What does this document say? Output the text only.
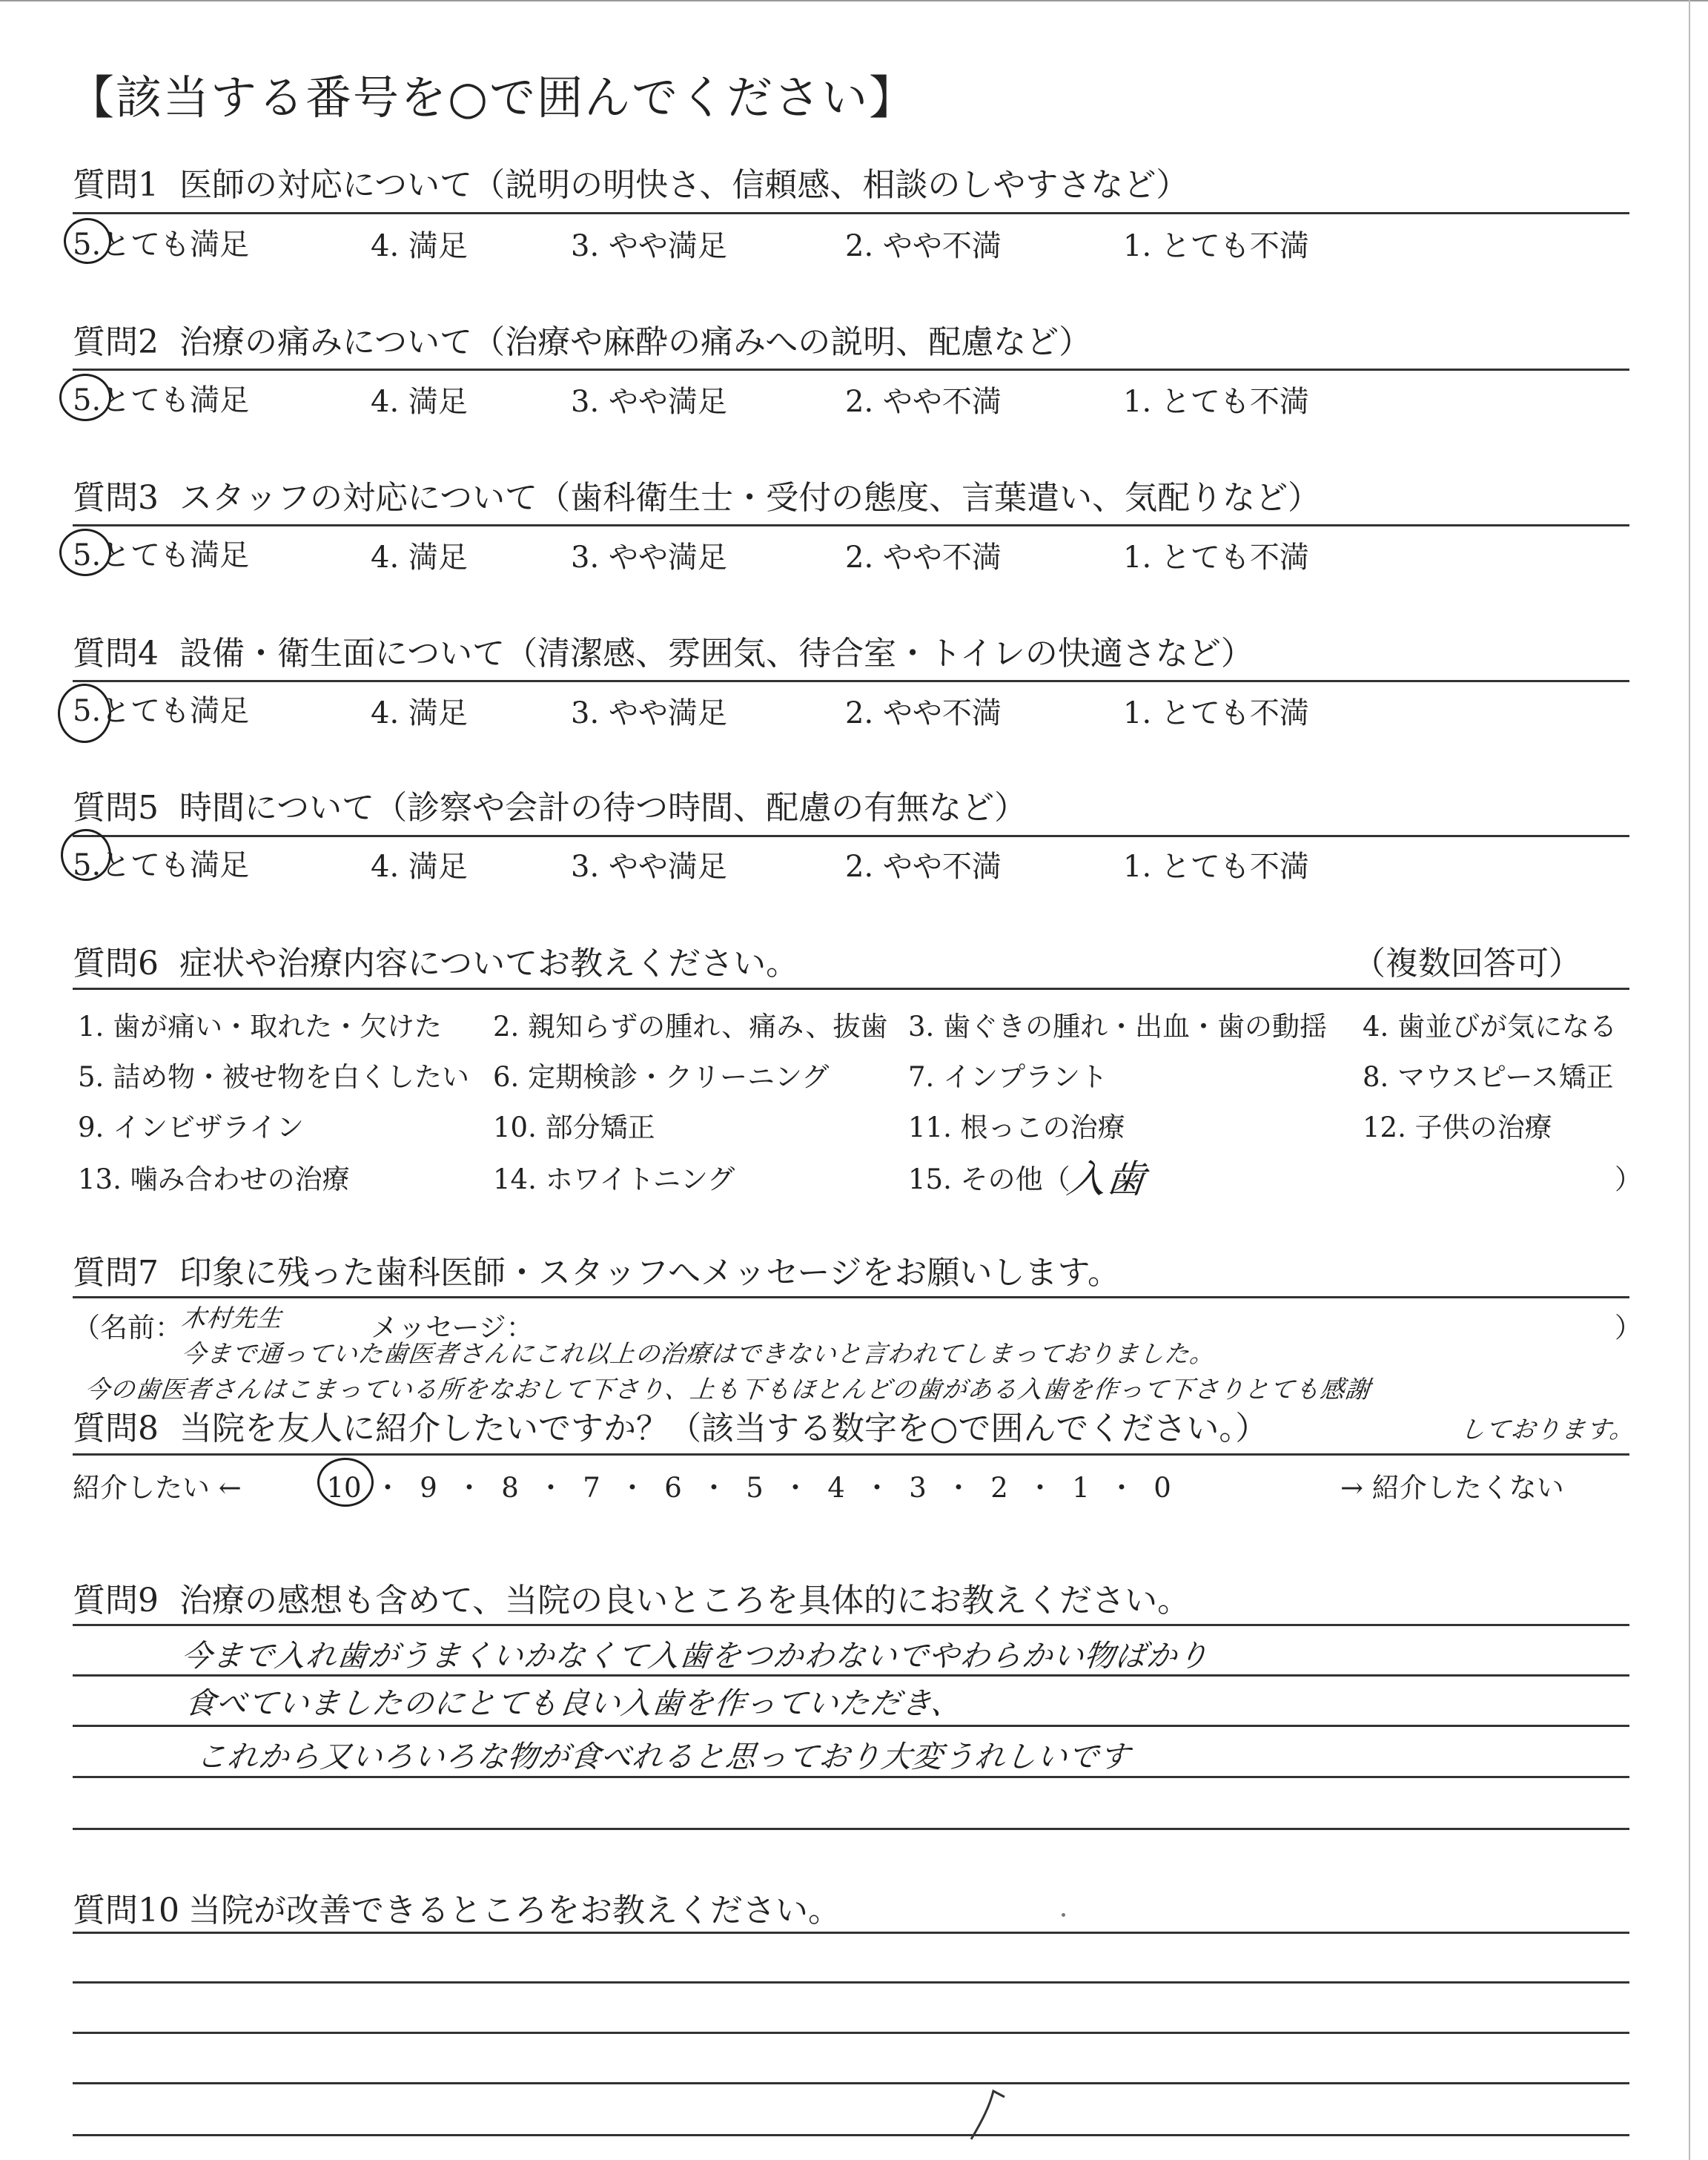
【該当する番号を○で囲んでください】
質問1 医師の対応について（説明の明快さ、信頼感、相談のしやすさなど）
5.とても満足	4. 満足	3. やや満足	2. やや不満	1. とても不満
質問2 治療の痛みについて（治療や麻酔の痛みへの説明、配慮など）
5.とても満足	4. 満足	3. やや満足	2. やや不満	1. とても不満
質問3 スタッフの対応について（歯科衛生士・受付の態度、言葉遣い、気配りなど）
5.とても満足	4. 満足	3. やや満足	2. やや不満	1. とても不満
質問4 設備・衛生面について（清潔感、雰囲気、待合室・トイレの快適さなど）
5.とても満足	4. 満足	3. やや満足	2. やや不満	1. とても不満
質問5 時間について（診察や会計の待つ時間、配慮の有無など）
5.とても満足	4. 満足	3. やや満足	2. やや不満	1. とても不満
質問6 症状や治療内容についてお教えください。	（複数回答可）
1. 歯が痛い・取れた・欠けた 2. 親知らずの腫れ、痛み、抜歯 3. 歯ぐきの腫れ・出血・歯の動揺 4. 歯並びが気になる
5. 詰め物・被せ物を白くしたい 6. 定期検診・クリーニング	7. インプラント	8. マウスピース矯正
9. インビザライン	10. 部分矯正	11. 根っこの治療	12. 子供の治療
13. 噛み合わせの治療	14. ホワイトニング	15. その他（
入歯	）
質問7 印象に残った歯科医師・スタッフへメッセージをお願いします。
（名前：
木村先生	メッセージ：	）
今まで通っていた歯医者さんにこれ以上の治療はできないと言われてしまっておりました。
今の歯医者さんはこまっている所をなおして下さり、上も下もほとんどの歯がある入歯を作って下さりとても感謝
質問8 当院を友人に紹介したいですか？（該当する数字を○で囲んでください。）	しております。
紹介したい ←	→ 紹介したくない
10 ・ 9 ・ 8 ・ 7 ・ 6 ・ 5 ・ 4 ・ 3 ・ 2 ・ 1 ・ 0
質問9 治療の感想も含めて、当院の良いところを具体的にお教えください。
今まで入れ歯がうまくいかなくて入歯をつかわないでやわらかい物ばかり
食べていましたのにとても良い入歯を作っていただき、
これから又いろいろな物が食べれると思っており大変うれしいです
質問10 当院が改善できるところをお教えください。
